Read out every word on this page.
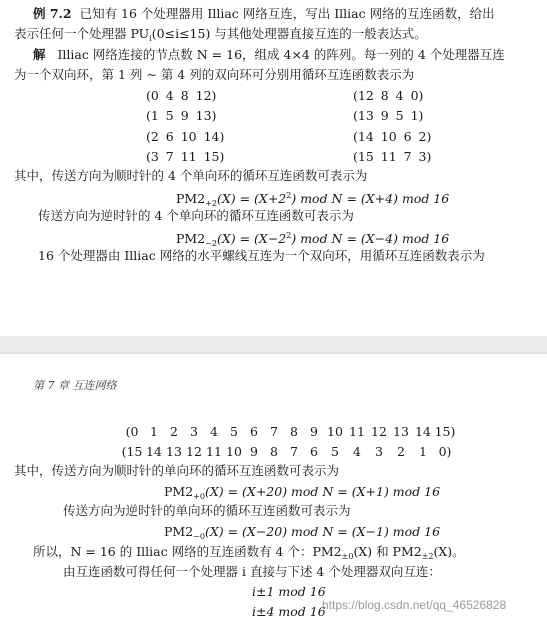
例 7.2 已知有 16 个处理器用 Illiac 网络互连，写出 Illiac 网络的互连函数，给出
表示任何一个处理器 $PU_i(0\le i\le 15)$ 与其他处理器直接互连的一般表达式。
解 Illiac 网络连接的节点数 N = 16，组成 4×4 的阵列。每一列的 4 个处理器互连
为一个双向环，第 1 列 ~ 第 4 列的双向环可分别用循环互连函数表示为
(0 4 8 12)
(1 5 9 13)
(2 6 10 14)
(3 7 11 15)
(12 8 4 0)
(13 9 5 1)
(14 10 6 2)
(15 11 7 3)
其中，传送方向为顺时针的 4 个单向环的循环互连函数可表示为
$PM2_{+2}(X) = (X+2^2)$ mod N = (X+4) mod 16
传送方向为逆时针的 4 个单向环的循环互连函数可表示为
$PM2_{-2}(X) = (X-2^2)$ mod N = (X−4) mod 16
16 个处理器由 Illiac 网络的水平螺线互连为一个双向环，用循环互连函数表示为
第 7 章 互连网络
(0 1 2 3 4 5 6 7 8 9 10 11 12 13 14 15)
(15 14 13 12 11 10 9 8 7 6 5 4 3 2 1 0)
其中，传送方向为顺时针的单向环的循环互连函数可表示为
$PM2_{+0}(X) = (X+20)$ mod N = (X+1) mod 16
传送方向为逆时针的单向环的循环互连函数可表示为
$PM2_{-0}(X) = (X-20)$ mod N = (X−1) mod 16
所以，N = 16 的 Illiac 网络的互连函数有 4 个：$PM2_{\pm 0}(X)$ 和 $PM2_{\pm 2}(X)$。
由互连函数可得任何一个处理器 i 直接与下述 4 个处理器双向互连：
i±1 mod 16
i±4 mod 16
https://blog.csdn.net/qq_46526828
